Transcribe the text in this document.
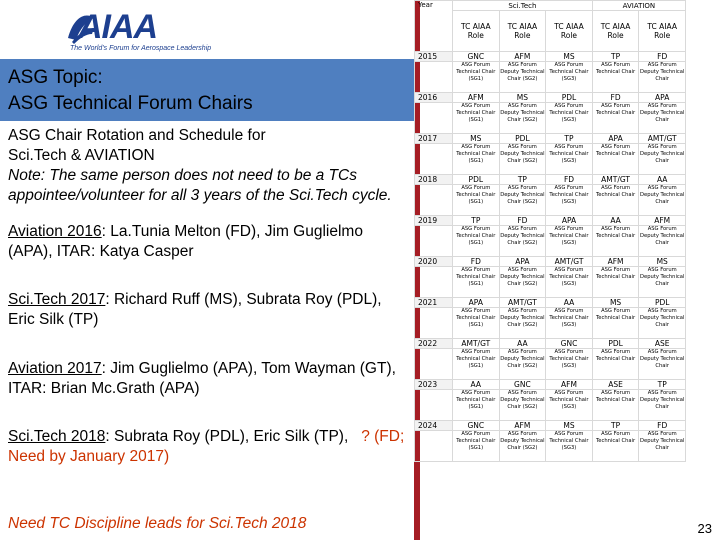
AIAA
The World's Forum for Aerospace Leadership
ASG Topic:
ASG Technical Forum Chairs

ASG Chair Rotation and Schedule for

Sci.Tech & AVIATION

Note: The same person does not need to be a TCs appointee/volunteer for all 3 years of the Sci.Tech cycle.

Aviation 2016: La.Tunia Melton (FD), Jim Guglielmo (APA), ITAR: Katya Casper

Sci.Tech 2017: Richard Ruff (MS), Subrata Roy (PDL), Eric Silk (TP)

Aviation 2017: Jim Guglielmo (APA), Tom Wayman (GT), ITAR: Brian Mc.Grath (APA)

Sci.Tech 2018: Subrata Roy (PDL), Eric Silk (TP), ? (FD; Need by January 2017)

Need TC Discipline leads for Sci.Tech 2018
Year	Sci.Tech			AVIATION	
	TC AIAA Role	TC AIAA Role	TC AIAA Role	TC AIAA Role	TC AIAA Role
2015	GNC	AFM	MS	TP	FD
	ASG Forum Technical Chair (SG1)	ASG Forum Deputy Technical Chair (SG2)	ASG Forum Technical Chair (SG3)	ASG Forum Technical Chair	ASG Forum Deputy Technical Chair
2016	AFM	MS	PDL	FD	APA
	ASG Forum Technical Chair (SG1)	ASG Forum Deputy Technical Chair (SG2)	ASG Forum Technical Chair (SG3)	ASG Forum Technical Chair	ASG Forum Deputy Technical Chair
2017	MS	PDL	TP	APA	AMT/GT
	ASG Forum Technical Chair (SG1)	ASG Forum Deputy Technical Chair (SG2)	ASG Forum Technical Chair (SG3)	ASG Forum Technical Chair	ASG Forum Deputy Technical Chair
2018	PDL	TP	FD	AMT/GT	AA
	ASG Forum Technical Chair (SG1)	ASG Forum Deputy Technical Chair (SG2)	ASG Forum Technical Chair (SG3)	ASG Forum Technical Chair	ASG Forum Deputy Technical Chair
2019	TP	FD	APA	AA	AFM
	ASG Forum Technical Chair (SG1)	ASG Forum Deputy Technical Chair (SG2)	ASG Forum Technical Chair (SG3)	ASG Forum Technical Chair	ASG Forum Deputy Technical Chair
2020	FD	APA	AMT/GT	AFM	MS
	ASG Forum Technical Chair (SG1)	ASG Forum Deputy Technical Chair (SG2)	ASG Forum Technical Chair (SG3)	ASG Forum Technical Chair	ASG Forum Deputy Technical Chair
2021	APA	AMT/GT	AA	MS	PDL
	ASG Forum Technical Chair (SG1)	ASG Forum Deputy Technical Chair (SG2)	ASG Forum Technical Chair (SG3)	ASG Forum Technical Chair	ASG Forum Deputy Technical Chair
2022	AMT/GT	AA	GNC	PDL	ASE
	ASG Forum Technical Chair (SG1)	ASG Forum Deputy Technical Chair (SG2)	ASG Forum Technical Chair (SG3)	ASG Forum Technical Chair	ASG Forum Deputy Technical Chair
2023	AA	GNC	AFM	ASE	TP
	ASG Forum Technical Chair (SG1)	ASG Forum Deputy Technical Chair (SG2)	ASG Forum Technical Chair (SG3)	ASG Forum Technical Chair	ASG Forum Deputy Technical Chair
2024	GNC	AFM	MS	TP	FD
	ASG Forum Technical Chair (SG1)	ASG Forum Deputy Technical Chair (SG2)	ASG Forum Technical Chair (SG3)	ASG Forum Technical Chair	ASG Forum Deputy Technical Chair
23
